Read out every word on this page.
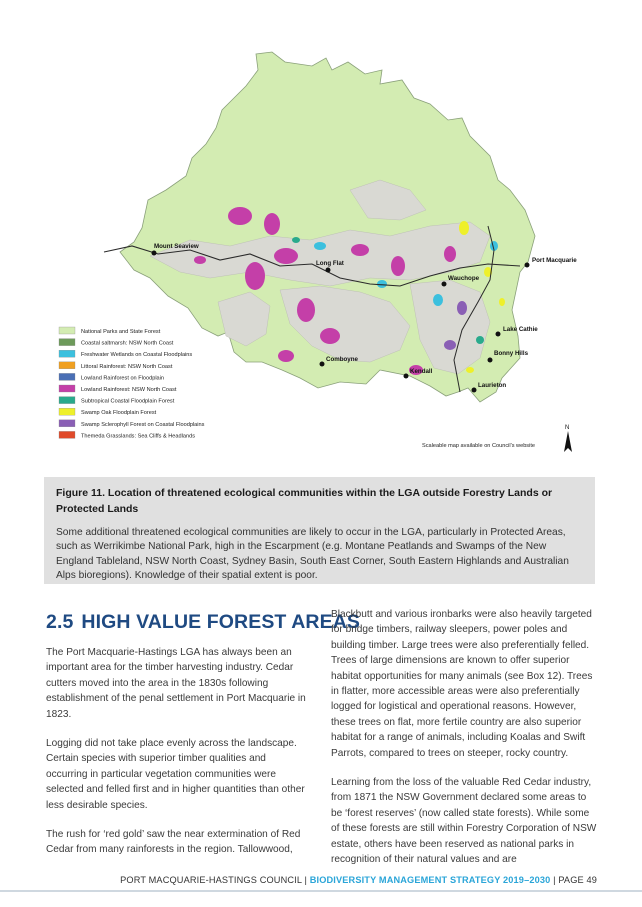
Mount Seaview
Long Flat
Wauchope
Port Macquarie
Lake Cathie
Bonny Hills
Kendall
Laurieton
Comboyne
National Parks and State Forest
Coastal saltmarsh: NSW North Coast
Freshwater Wetlands on Coastal Floodplains
Littoral Rainforest: NSW North Coast
Lowland Rainforest on Floodplain
Lowland Rainforest: NSW North Coast
Subtropical Coastal Floodplain Forest
Swamp Oak Floodplain Forest
Swamp Sclerophyll Forest on Coastal Floodplains
Themeda Grasslands: Sea Cliffs & Headlands
Scaleable map available on Council's website
N

Figure 11. Location of threatened ecological communities within the LGA outside Forestry Lands or Protected Lands

Some additional threatened ecological communities are likely to occur in the LGA, particularly in Protected Areas, such as Werrikimbe National Park, high in the Escarpment (e.g. Montane Peatlands and Swamps of the New England Tableland, NSW North Coast, Sydney Basin, South East Corner, South Eastern Highlands and Australian Alps bioregions). Knowledge of their spatial extent is poor.

2.5 HIGH VALUE FOREST AREAS

The Port Macquarie-Hastings LGA has always been an important area for the timber harvesting industry. Cedar cutters moved into the area in the 1830s following establishment of the penal settlement in Port Macquarie in 1823.

Logging did not take place evenly across the landscape. Certain species with superior timber qualities and occurring in particular vegetation communities were selected and felled first and in higher quantities than other less desirable species.

The rush for ‘red gold’ saw the near extermination of Red Cedar from many rainforests in the region. Tallowwood,

Blackbutt and various ironbarks were also heavily targeted for bridge timbers, railway sleepers, power poles and building timber. Large trees were also preferentially felled. Trees of large dimensions are known to offer superior habitat opportunities for many animals (see Box 12). Trees in flatter, more accessible areas were also preferentially logged for logistical and operational reasons. However, these trees on flat, more fertile country are also superior habitat for a range of animals, including Koalas and Swift Parrots, compared to trees on steeper, rocky country.

Learning from the loss of the valuable Red Cedar industry, from 1871 the NSW Government declared some areas to be ‘forest reserves’ (now called state forests). While some of these forests are still within Forestry Corporation of NSW estate, others have been reserved as national parks in recognition of their natural values and are

PORT MACQUARIE-HASTINGS COUNCIL | BIODIVERSITY MANAGEMENT STRATEGY 2019–2030 | PAGE 49
